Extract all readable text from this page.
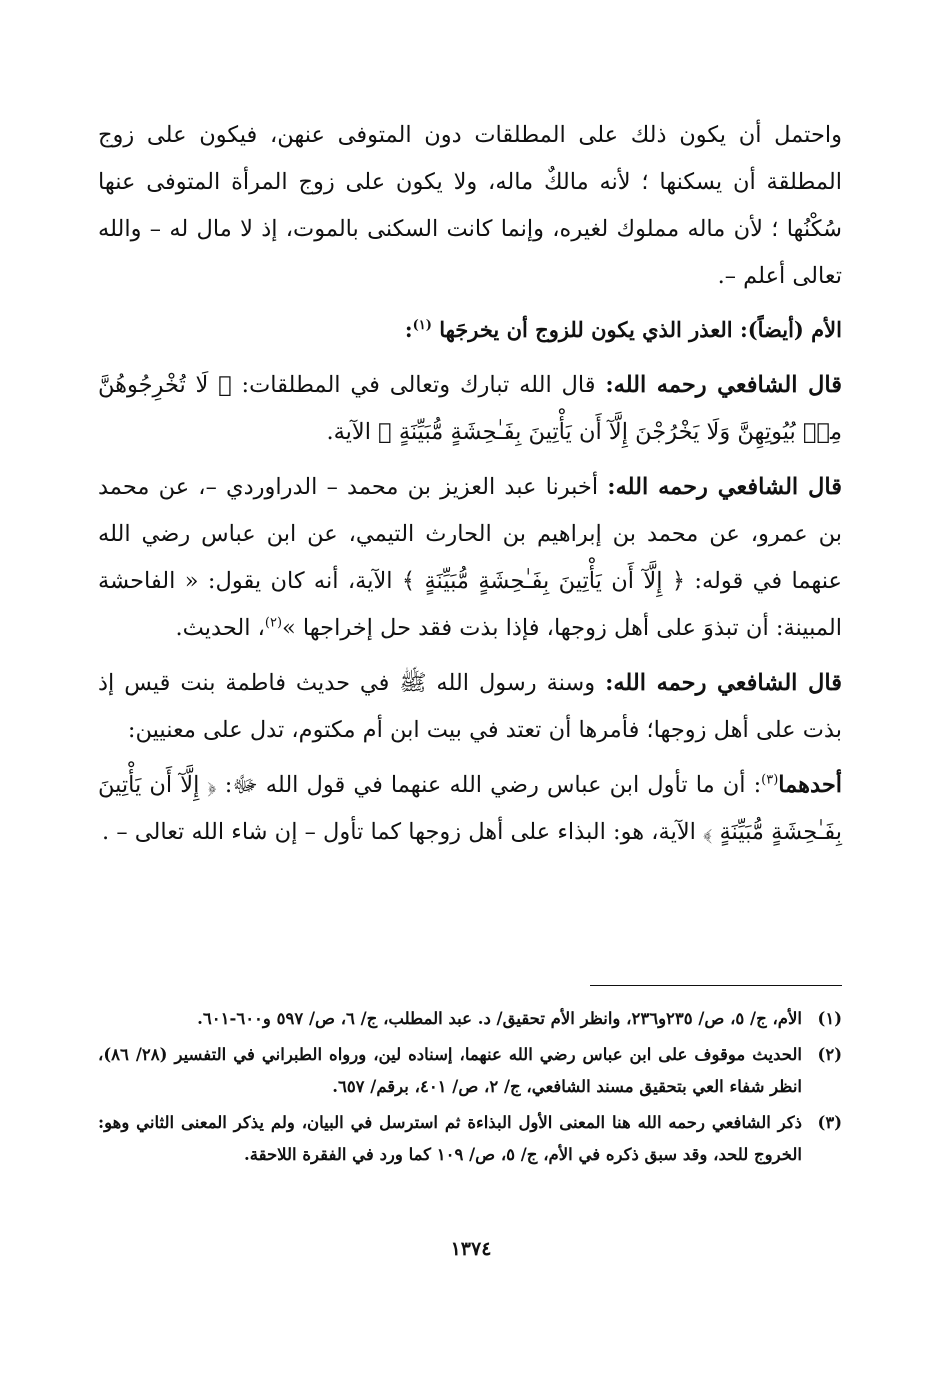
واحتمل أن يكون ذلك على المطلقات دون المتوفى عنهن، فيكون على زوج المطلقة أن يسكنها ؛ لأنه مالكٌ ماله، ولا يكون على زوج المرأة المتوفى عنها سُكْنُها ؛ لأن ماله مملوك لغيره، وإنما كانت السكنى بالموت، إذ لا مال له – والله تعالى أعلم –.

الأم (أيضاً): العذر الذي يكون للزوج أن يخرجَها $^{(١)}$:

قال الشافعي رحمه الله: قال الله تبارك وتعالى في المطلقات: ﴿ لَا تُخْرِجُوهُنَّ مِنۢ بُيُوتِهِنَّ وَلَا يَخْرُجْنَ إِلَّآ أَن يَأْتِينَ بِفَـٰحِشَةٍ مُّبَيِّنَةٍ ﴾ الآية.

قال الشافعي رحمه الله: أخبرنا عبد العزيز بن محمد – الدراوردي –، عن محمد بن عمرو، عن محمد بن إبراهيم بن الحارث التيمي، عن ابن عباس رضي الله عنهما في قوله: ﴿ إِلَّآ أَن يَأْتِينَ بِفَـٰحِشَةٍ مُّبَيِّنَةٍ ﴾ الآية، أنه كان يقول: « الفاحشة المبينة: أن تبذوَ على أهل زوجها، فإذا بذت فقد حل إخراجها »$^{(٢)}$، الحديث.

قال الشافعي رحمه الله: وسنة رسول الله ﷺ في حديث فاطمة بنت قيس إذ بذت على أهل زوجها؛ فأمرها أن تعتد في بيت ابن أم مكتوم، تدل على معنيين:

أحدهما$^{(٣)}$: أن ما تأول ابن عباس رضي الله عنهما في قول الله ﷻ: ﴿ إِلَّآ أَن يَأْتِينَ بِفَـٰحِشَةٍ مُّبَيِّنَةٍ ﴾ الآية، هو: البذاء على أهل زوجها كما تأول – إن شاء الله تعالى – .

(١)
الأم، ج/ ٥، ص/ ٢٣٥و٢٣٦، وانظر الأم تحقيق/ د. عبد المطلب، ج/ ٦، ص/ ٥٩٧ و٦٠٠-٦٠١.
(٢)
الحديث موقوف على ابن عباس رضي الله عنهما، إسناده لين، ورواه الطبراني في التفسير (٢٨/ ٨٦)، انظر شفاء العي بتحقيق مسند الشافعي، ج/ ٢، ص/ ٤٠١، برقم/ ٦٥٧.
(٣)
ذكر الشافعي رحمه الله هنا المعنى الأول البذاءة ثم استرسل في البيان، ولم يذكر المعنى الثاني وهو: الخروج للحد، وقد سبق ذكره في الأم، ج/ ٥، ص/ ١٠٩ كما ورد في الفقرة اللاحقة.
١٣٧٤
